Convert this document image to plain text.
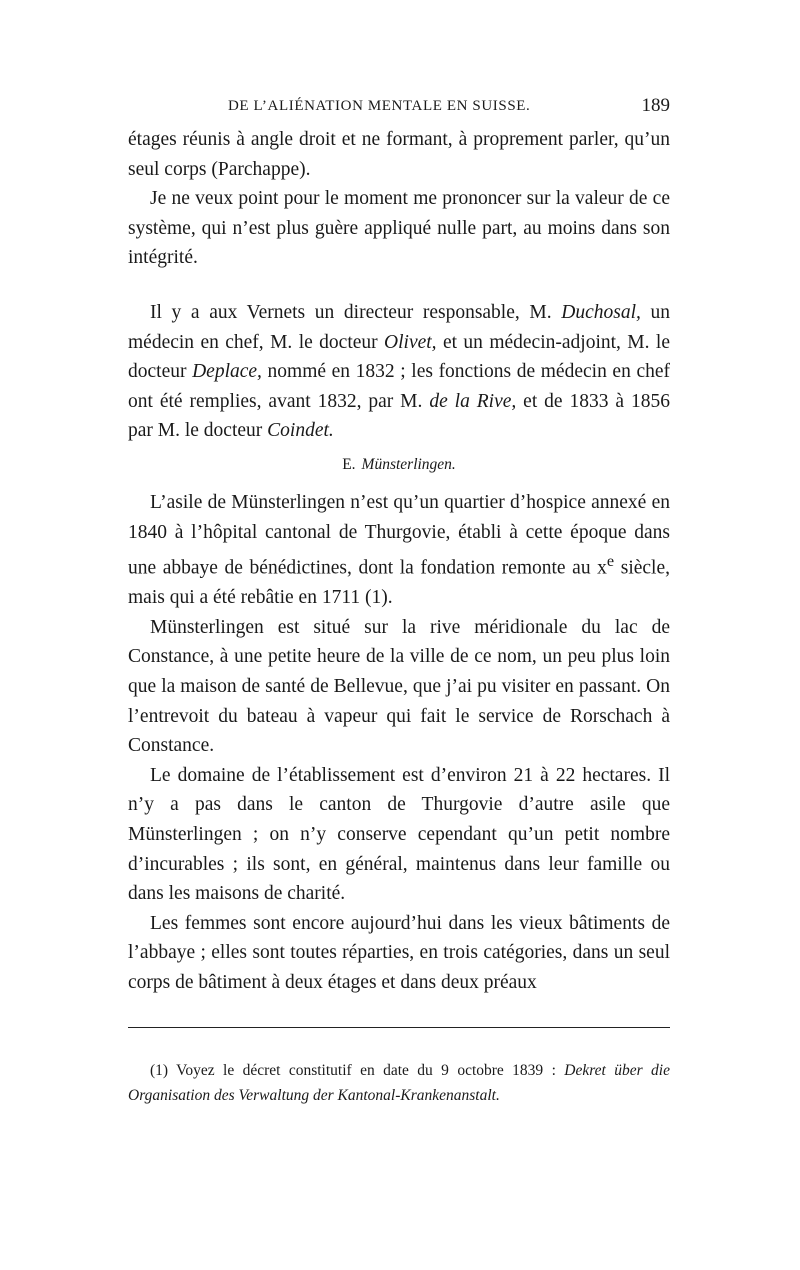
DE L’ALIÉNATION MENTALE EN SUISSE.	189

étages réunis à angle droit et ne formant, à proprement parler, qu’un seul corps (Parchappe).

Je ne veux point pour le moment me prononcer sur la valeur de ce système, qui n’est plus guère appliqué nulle part, au moins dans son intégrité.

Il y a aux Vernets un directeur responsable, M. Duchosal, un médecin en chef, M. le docteur Olivet, et un médecin-adjoint, M. le docteur Deplace, nommé en 1832 ; les fonctions de médecin en chef ont été remplies, avant 1832, par M. de la Rive, et de 1833 à 1856 par M. le docteur Coindet.

E. Münsterlingen.

L’asile de Münsterlingen n’est qu’un quartier d’hospice annexé en 1840 à l’hôpital cantonal de Thurgovie, établi à cette époque dans une abbaye de bénédictines, dont la fondation remonte au $x^e$ siècle, mais qui a été rebâtie en 1711 (1).

Münsterlingen est situé sur la rive méridionale du lac de Constance, à une petite heure de la ville de ce nom, un peu plus loin que la maison de santé de Bellevue, que j’ai pu visiter en passant. On l’entrevoit du bateau à vapeur qui fait le service de Rorschach à Constance.

Le domaine de l’établissement est d’environ 21 à 22 hectares. Il n’y a pas dans le canton de Thurgovie d’autre asile que Münsterlingen ; on n’y conserve cependant qu’un petit nombre d’incurables ; ils sont, en général, maintenus dans leur famille ou dans les maisons de charité.

Les femmes sont encore aujourd’hui dans les vieux bâtiments de l’abbaye ; elles sont toutes réparties, en trois catégories, dans un seul corps de bâtiment à deux étages et dans deux préaux

(1) Voyez le décret constitutif en date du 9 octobre 1839 : Dekret über die Organisation des Verwaltung der Kantonal-Krankenanstalt.
